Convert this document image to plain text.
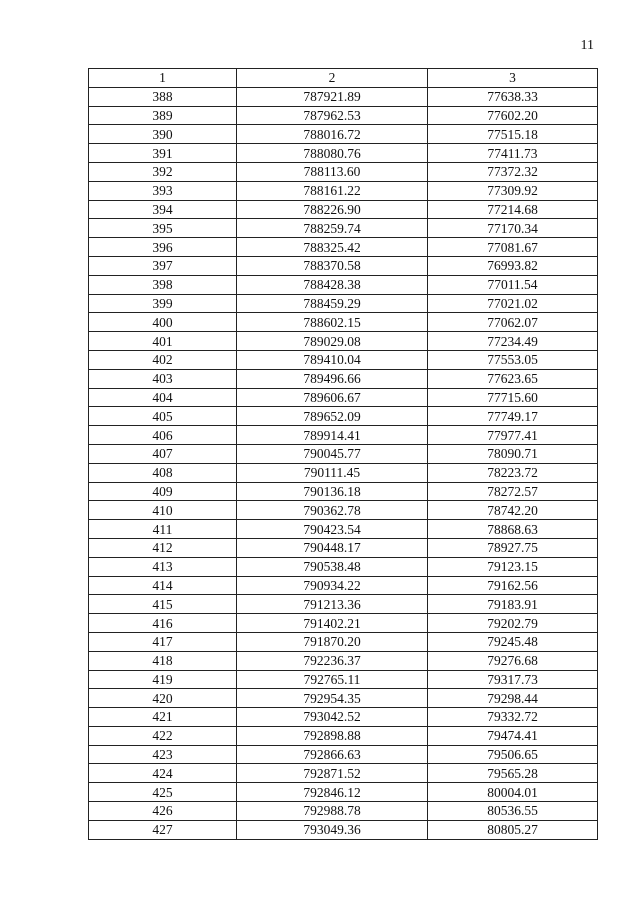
11
1	2	3
388	787921.89	77638.33
389	787962.53	77602.20
390	788016.72	77515.18
391	788080.76	77411.73
392	788113.60	77372.32
393	788161.22	77309.92
394	788226.90	77214.68
395	788259.74	77170.34
396	788325.42	77081.67
397	788370.58	76993.82
398	788428.38	77011.54
399	788459.29	77021.02
400	788602.15	77062.07
401	789029.08	77234.49
402	789410.04	77553.05
403	789496.66	77623.65
404	789606.67	77715.60
405	789652.09	77749.17
406	789914.41	77977.41
407	790045.77	78090.71
408	790111.45	78223.72
409	790136.18	78272.57
410	790362.78	78742.20
411	790423.54	78868.63
412	790448.17	78927.75
413	790538.48	79123.15
414	790934.22	79162.56
415	791213.36	79183.91
416	791402.21	79202.79
417	791870.20	79245.48
418	792236.37	79276.68
419	792765.11	79317.73
420	792954.35	79298.44
421	793042.52	79332.72
422	792898.88	79474.41
423	792866.63	79506.65
424	792871.52	79565.28
425	792846.12	80004.01
426	792988.78	80536.55
427	793049.36	80805.27
